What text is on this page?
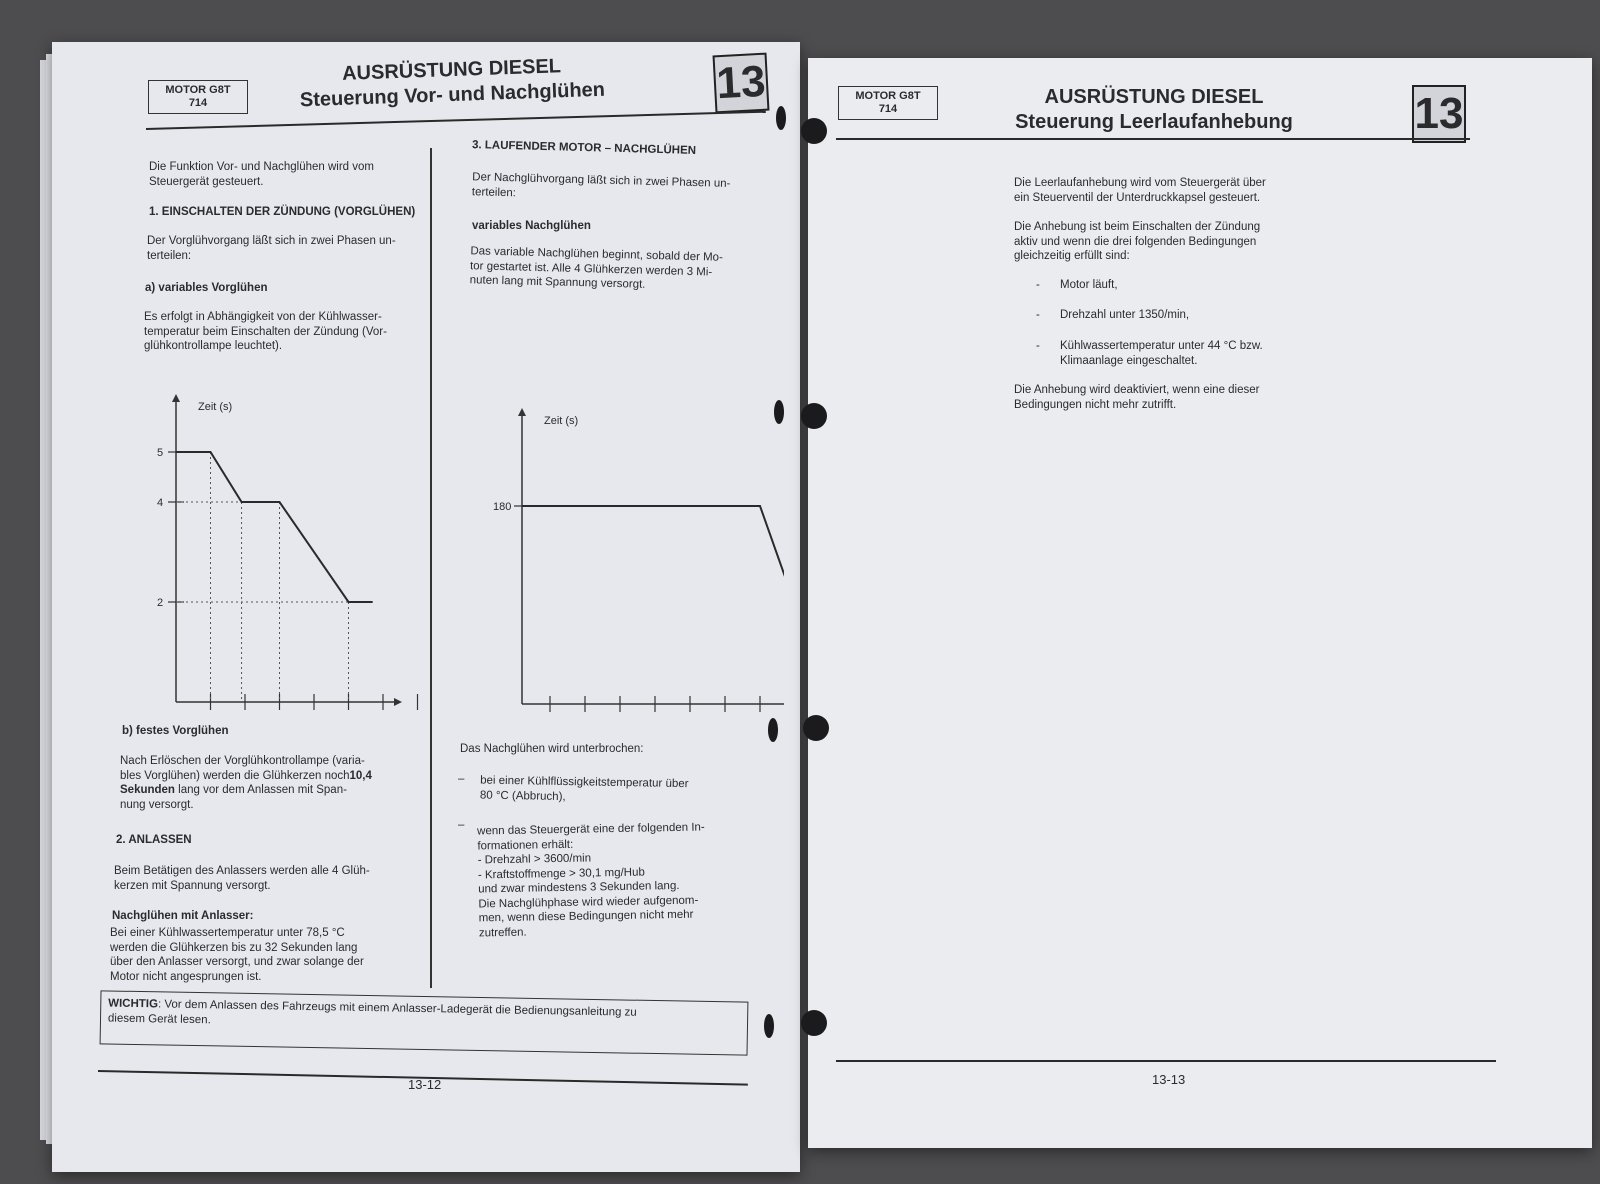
MOTOR G8T
714
AUSRÜSTUNG DIESEL
Steuerung Vor- und Nachglühen	13
Die Funktion Vor- und Nachglühen wird vom
Steuergerät gesteuert.
1. EINSCHALTEN DER ZÜNDUNG (VORGLÜHEN)
Der Vorglühvorgang läßt sich in zwei Phasen un-
terteilen:
a) variables Vorglühen
Es erfolgt in Abhängigkeit von der Kühlwasser-
temperatur beim Einschalten der Zündung (Vor-
glühkontrollampe leuchtet).
2
4
5
Zeit (s)
b) festes Vorglühen
Nach Erlöschen der Vorglühkontrollampe (varia-
bles Vorglühen) werden die Glühkerzen noch10,4 Sekunden lang vor dem Anlassen mit Span-
nung versorgt.
2. ANLASSEN
Beim Betätigen des Anlassers werden alle 4 Glüh-
kerzen mit Spannung versorgt.
Nachglühen mit Anlasser:
Bei einer Kühlwassertemperatur unter 78,5 °C
werden die Glühkerzen bis zu 32 Sekunden lang
über den Anlasser versorgt, und zwar solange der
Motor nicht angesprungen ist.
3. LAUFENDER MOTOR – NACHGLÜHEN
Der Nachglühvorgang läßt sich in zwei Phasen un-
terteilen:
variables Nachglühen
Das variable Nachglühen beginnt, sobald der Mo-
tor gestartet ist. Alle 4 Glühkerzen werden 3 Mi-
nuten lang mit Spannung versorgt.
180
Zeit (s)
Das Nachglühen wird unterbrochen:
– bei einer Kühlflüssigkeitstemperatur über
80 °C (Abbruch),
– wenn das Steuergerät eine der folgenden In-
formationen erhält:
- Drehzahl > 3600/min
- Kraftstoffmenge > 30,1 mg/Hub
und zwar mindestens 3 Sekunden lang.
Die Nachglühphase wird wieder aufgenom-
men, wenn diese Bedingungen nicht mehr
zutreffen.
WICHTIG: Vor dem Anlassen des Fahrzeugs mit einem Anlasser-Ladegerät die Bedienungsanleitung zu
diesem Gerät lesen.
13-12
MOTOR G8T
714
AUSRÜSTUNG DIESEL
Steuerung Leerlaufanhebung	13
Die Leerlaufanhebung wird vom Steuergerät über
ein Steuerventil der Unterdruckkapsel gesteuert.
Die Anhebung ist beim Einschalten der Zündung
aktiv und wenn die drei folgenden Bedingungen
gleichzeitig erfüllt sind:
- Motor läuft,
- Drehzahl unter 1350/min,
- Kühlwassertemperatur unter 44 °C bzw.
Klimaanlage eingeschaltet.
Die Anhebung wird deaktiviert, wenn eine dieser
Bedingungen nicht mehr zutrifft.
13-13
